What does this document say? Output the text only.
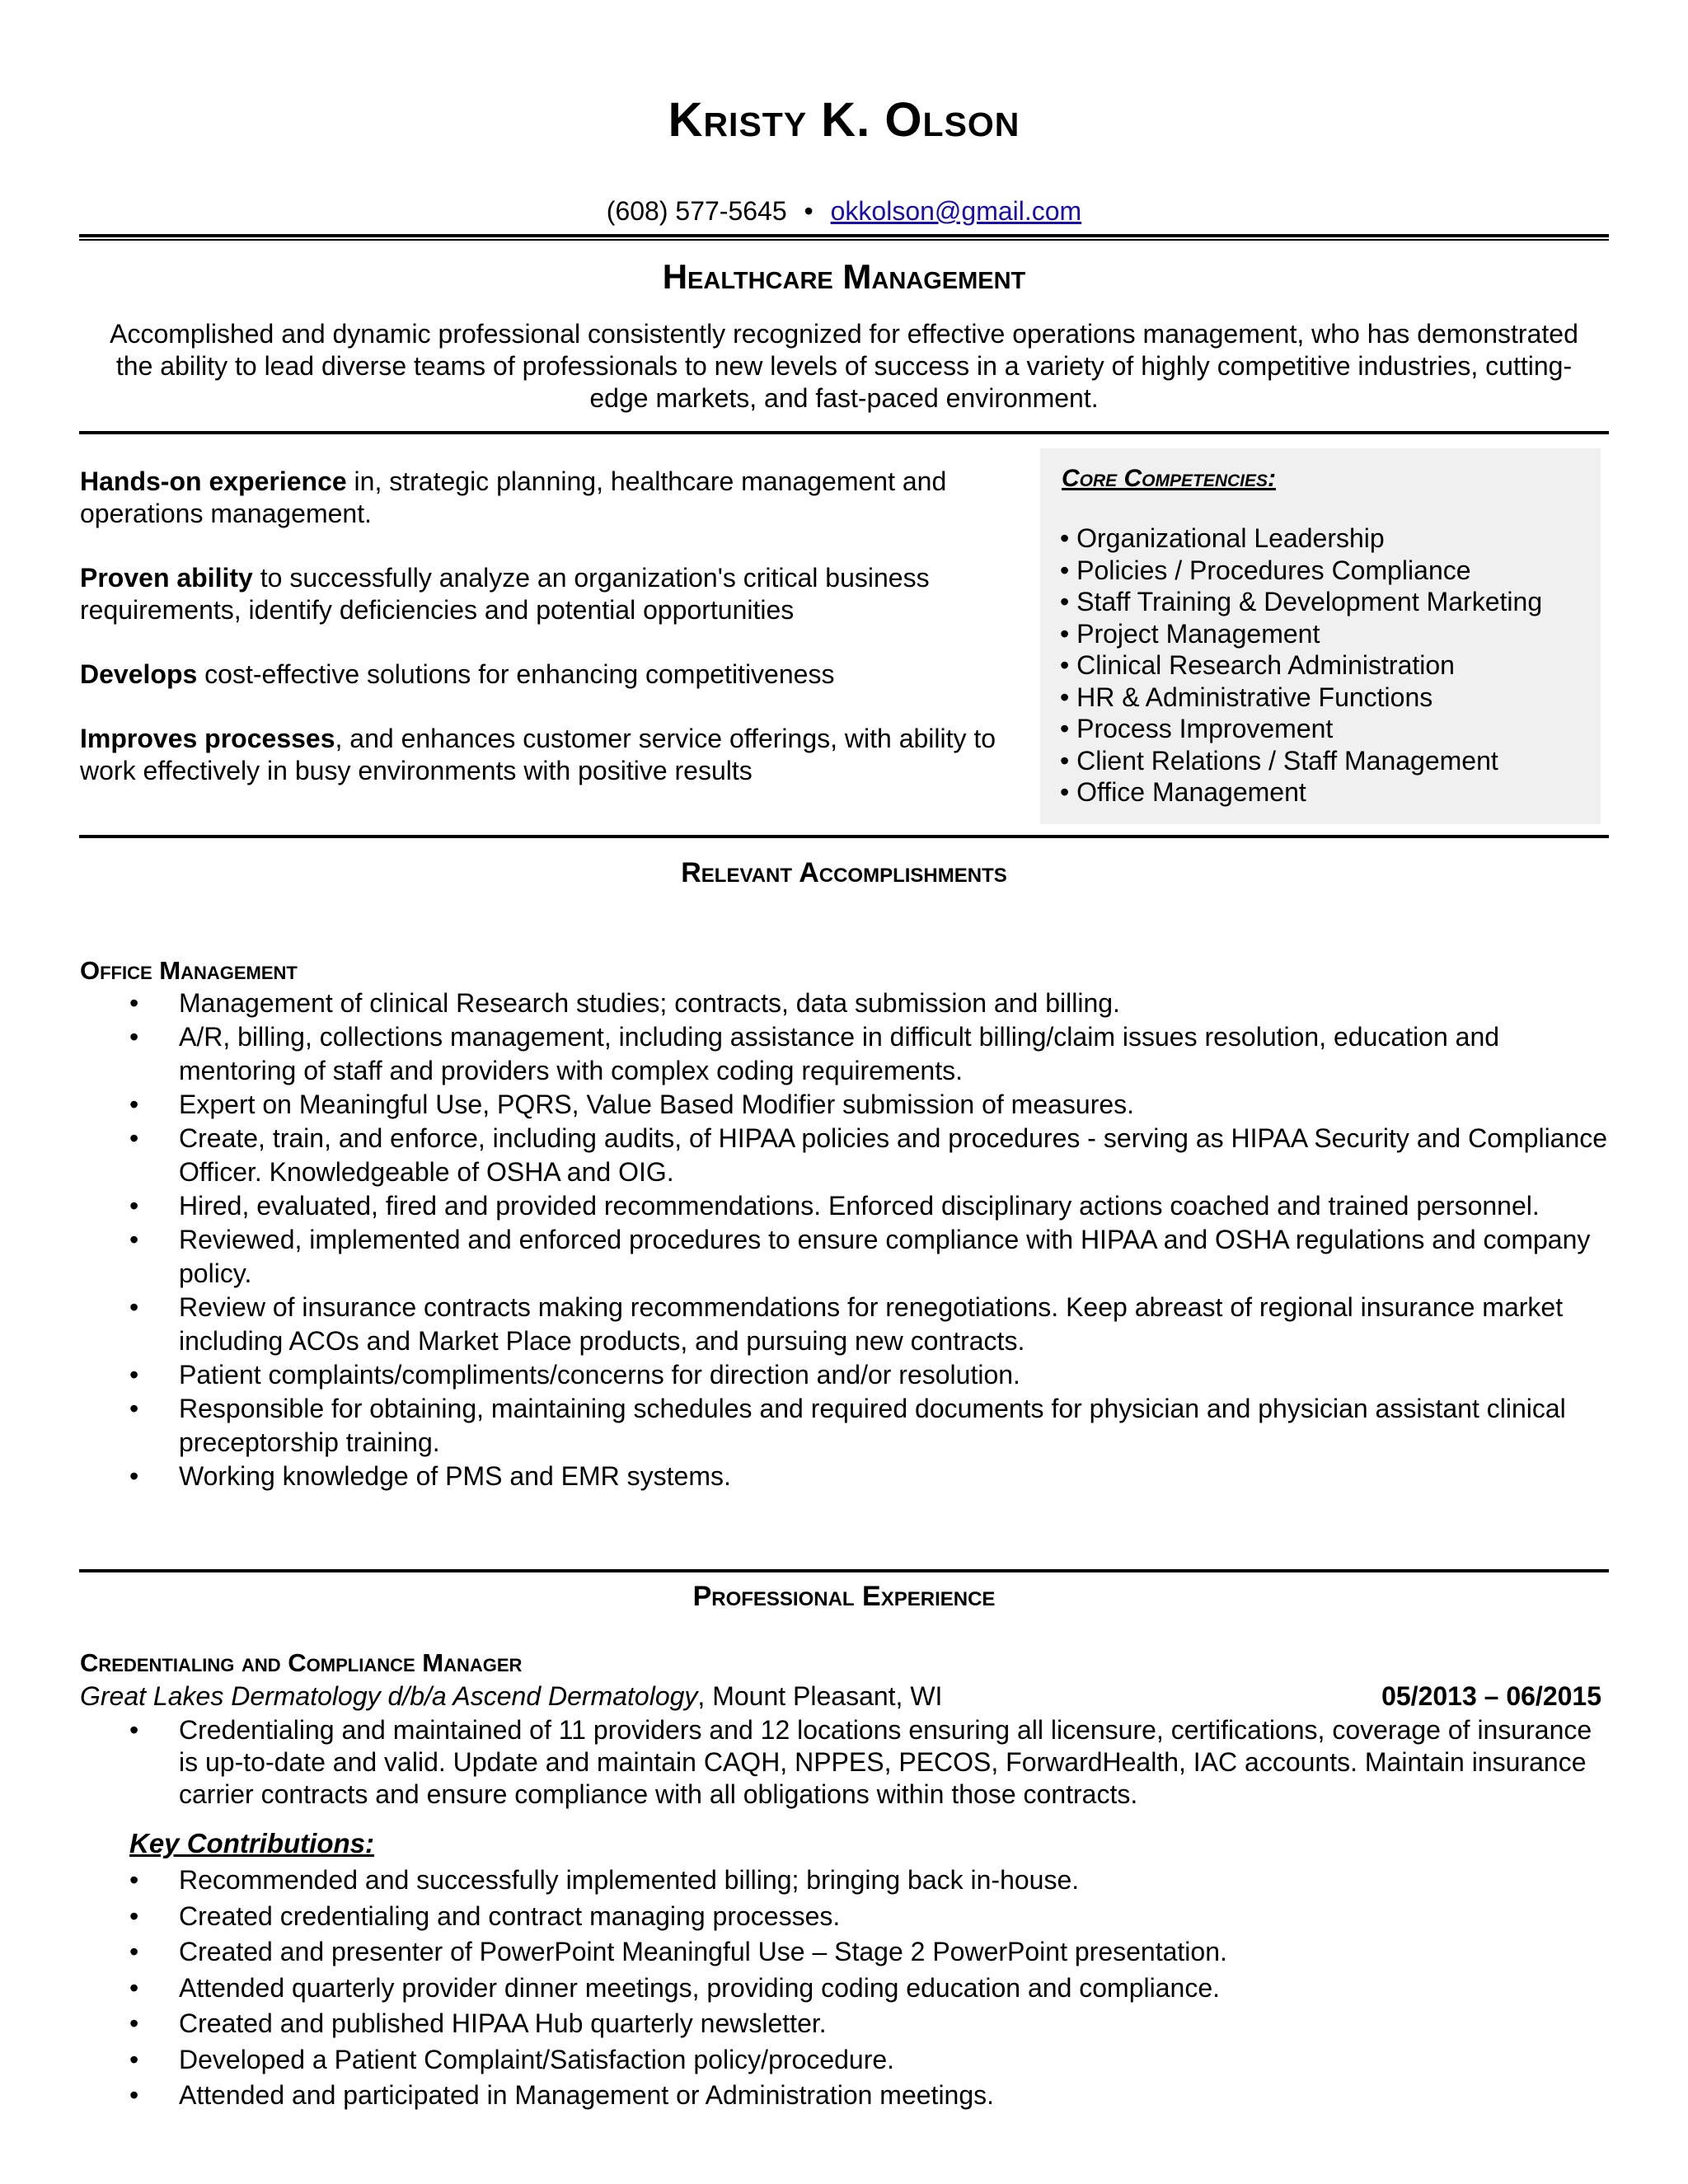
Kristy K. Olson
(608) 577-5645 • okkolson@gmail.com
Healthcare Management
Accomplished and dynamic professional consistently recognized for effective operations management, who has demonstrated the ability to lead diverse teams of professionals to new levels of success in a variety of highly competitive industries, cutting-edge markets, and fast-paced environment.

Hands-on experience in, strategic planning, healthcare management and operations management.

Proven ability to successfully analyze an organization's critical business requirements, identify deficiencies and potential opportunities

Develops cost-effective solutions for enhancing competitiveness

Improves processes, and enhances customer service offerings, with ability to work effectively in busy environments with positive results

Core Competencies:
• Organizational Leadership
• Policies / Procedures Compliance
• Staff Training & Development Marketing
• Project Management
• Clinical Research Administration
• HR & Administrative Functions
• Process Improvement
• Client Relations / Staff Management
• Office Management
Relevant Accomplishments
Office Management
• Management of clinical Research studies; contracts, data submission and billing.
• A/R, billing, collections management, including assistance in difficult billing/claim issues resolution, education and mentoring of staff and providers with complex coding requirements.
• Expert on Meaningful Use, PQRS, Value Based Modifier submission of measures.
• Create, train, and enforce, including audits, of HIPAA policies and procedures - serving as HIPAA Security and Compliance Officer. Knowledgeable of OSHA and OIG.
• Hired, evaluated, fired and provided recommendations. Enforced disciplinary actions coached and trained personnel.
• Reviewed, implemented and enforced procedures to ensure compliance with HIPAA and OSHA regulations and company policy.
• Review of insurance contracts making recommendations for renegotiations. Keep abreast of regional insurance market including ACOs and Market Place products, and pursuing new contracts.
• Patient complaints/compliments/concerns for direction and/or resolution.
• Responsible for obtaining, maintaining schedules and required documents for physician and physician assistant clinical preceptorship training.
• Working knowledge of PMS and EMR systems.
Professional Experience
Credentialing and Compliance Manager
Great Lakes Dermatology d/b/a Ascend Dermatology, Mount Pleasant, WI	05/2013 – 06/2015
• Credentialing and maintained of 11 providers and 12 locations ensuring all licensure, certifications, coverage of insurance is up-to-date and valid. Update and maintain CAQH, NPPES, PECOS, ForwardHealth, IAC accounts. Maintain insurance carrier contracts and ensure compliance with all obligations within those contracts.
Key Contributions:
• Recommended and successfully implemented billing; bringing back in-house.
• Created credentialing and contract managing processes.
• Created and presenter of PowerPoint Meaningful Use – Stage 2 PowerPoint presentation.
• Attended quarterly provider dinner meetings, providing coding education and compliance.
• Created and published HIPAA Hub quarterly newsletter.
• Developed a Patient Complaint/Satisfaction policy/procedure.
• Attended and participated in Management or Administration meetings.
